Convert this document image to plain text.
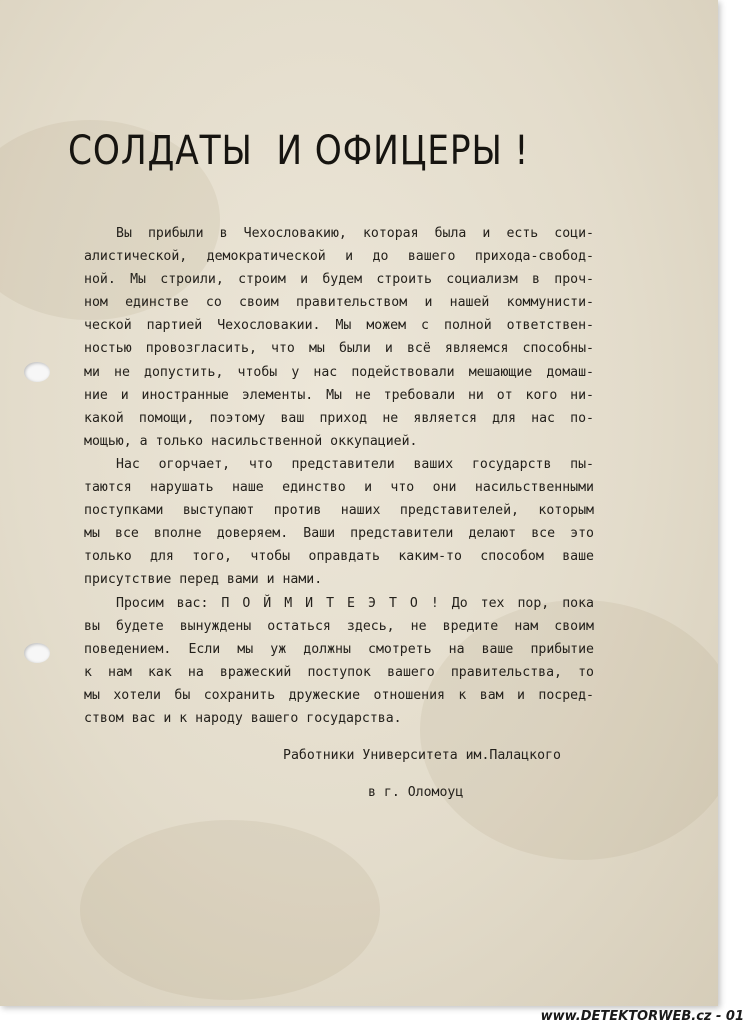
СОЛДАТЫ  И ОФИЦЕРЫ !
Вы прибыли в Чехословакию, которая была и есть соци-
алистической, демократической и до вашего прихода-свобод-
ной. Мы строили, строим и будем строить социализм в проч-
ном единстве со своим правительством и нашей коммунисти-
ческой партией Чехословакии. Мы можем с полной ответствен-
ностью провозгласить, что мы были и всё являемся способны-
ми не допустить, чтобы у нас подействовали мешающие домаш-
ние и иностранные элементы. Мы не требовали ни от кого ни-
какой помощи, поэтому ваш приход не является для нас по-
мощью, а только насильственной оккупацией.
Нас огорчает, что представители ваших государств пы-
таются нарушать наше единство и что они насильственными
поступками выступают против наших представителей, которым
мы все вполне доверяем. Ваши представители делают все это
только для того, чтобы оправдать каким-то способом ваше
присутствие перед вами и нами.
Просим вас: П О Й М И Т Е Э Т О ! До тех пор, пока
вы будете вынуждены остаться здесь, не вредите нам своим
поведением. Если мы уж должны смотреть на ваше прибытие
к нам как на вражеский поступок вашего правительства, то
мы хотели бы сохранить дружеские отношения к вам и посред-
ством вас и к народу вашего государства.
Работники Университета им.Палацкого
в г. Оломоуц
www.DETEKTORWEB.cz - 01
